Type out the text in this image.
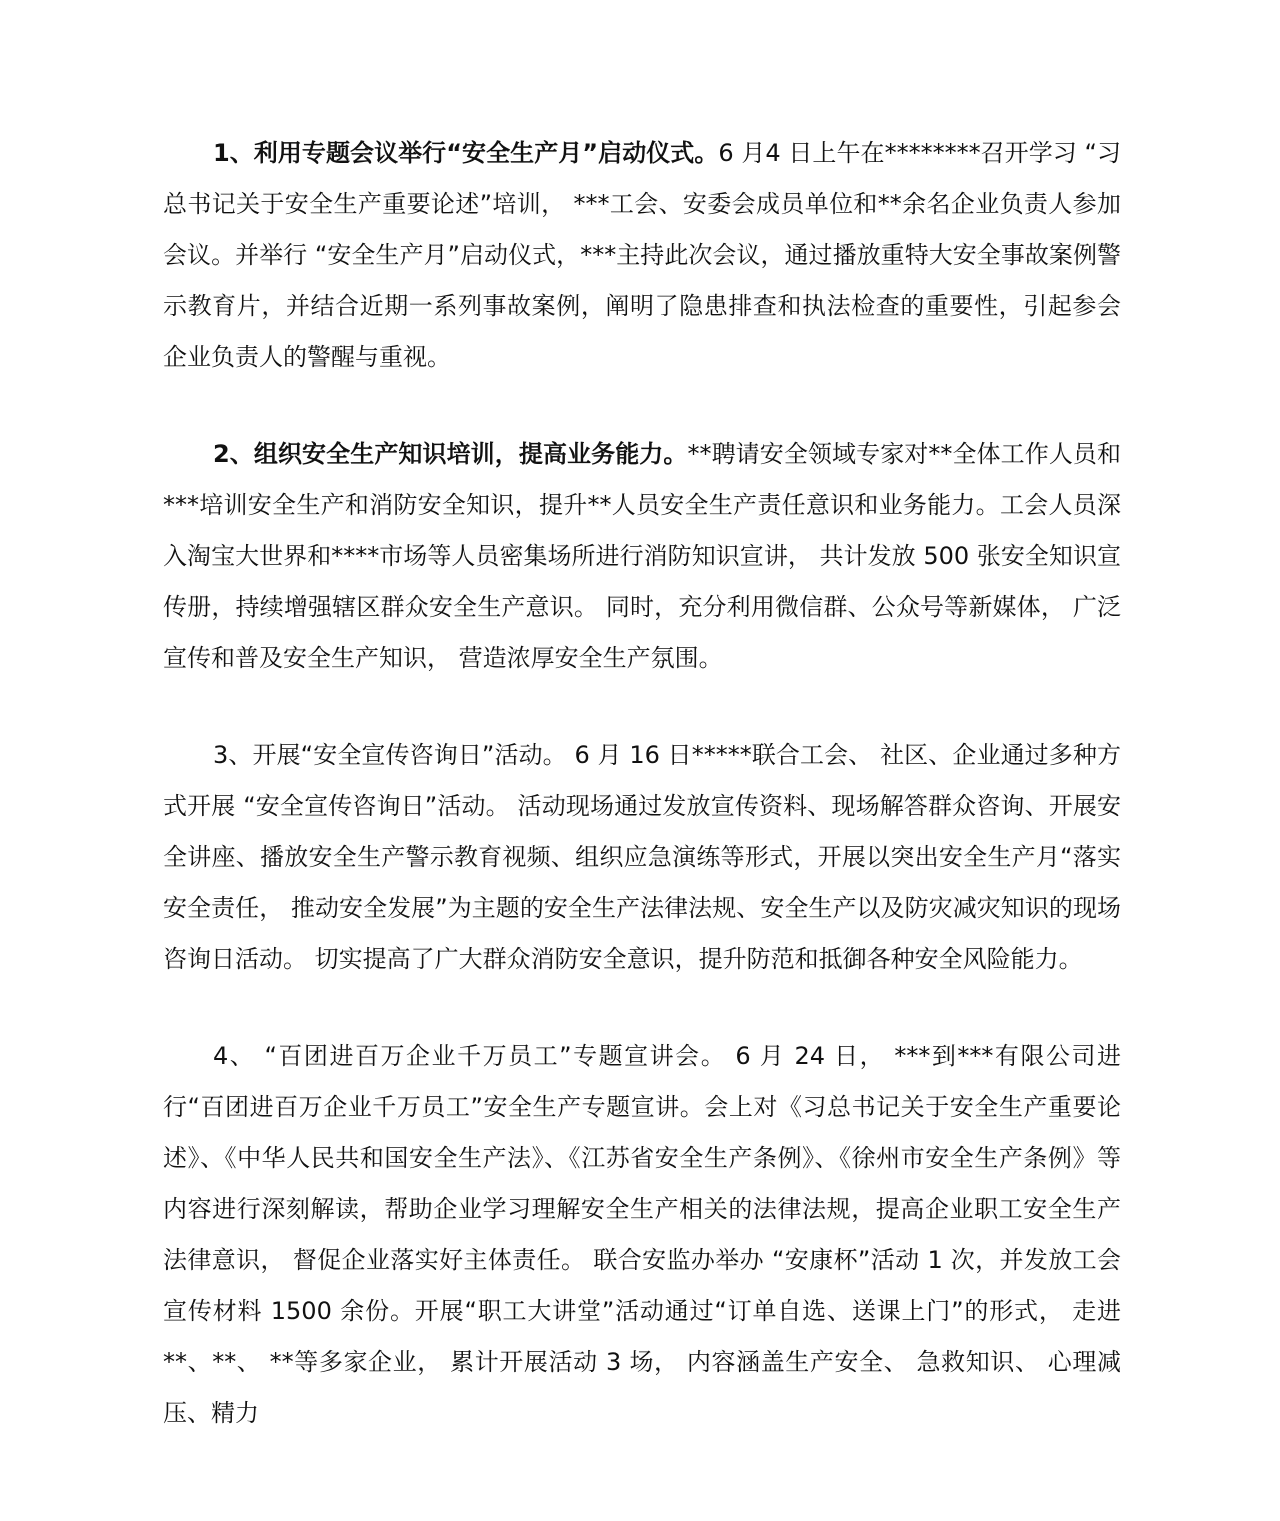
1、利用专题会议举行“安全生产月”启动仪式。6 月4 日上午在********召开学习 “习总书记关于安全生产重要论述”培训， ***工会、安委会成员单位和**余名企业负责人参加会议。并举行 “安全生产月”启动仪式，***主持此次会议，通过播放重特大安全事故案例警示教育片，并结合近期一系列事故案例，阐明了隐患排查和执法检查的重要性，引起参会企业负责人的警醒与重视。

2、组织安全生产知识培训，提高业务能力。**聘请安全领域专家对**全体工作人员和***培训安全生产和消防安全知识，提升**人员安全生产责任意识和业务能力。工会人员深入淘宝大世界和****市场等人员密集场所进行消防知识宣讲， 共计发放 500 张安全知识宣传册，持续增强辖区群众安全生产意识。 同时，充分利用微信群、公众号等新媒体， 广泛宣传和普及安全生产知识， 营造浓厚安全生产氛围。

3、开展“安全宣传咨询日”活动。 6 月 16 日*****联合工会、 社区、企业通过多种方式开展 “安全宣传咨询日”活动。 活动现场通过发放宣传资料、现场解答群众咨询、开展安全讲座、播放安全生产警示教育视频、组织应急演练等形式，开展以突出安全生产月“落实安全责任， 推动安全发展”为主题的安全生产法律法规、安全生产以及防灾减灾知识的现场咨询日活动。 切实提高了广大群众消防安全意识，提升防范和抵御各种安全风险能力。

4、 “百团进百万企业千万员工”专题宣讲会。 6 月 24 日， ***到***有限公司进行“百团进百万企业千万员工”安全生产专题宣讲。会上对《习总书记关于安全生产重要论述》、《中华人民共和国安全生产法》、《江苏省安全生产条例》、《徐州市安全生产条例》等内容进行深刻解读，帮助企业学习理解安全生产相关的法律法规，提高企业职工安全生产法律意识， 督促企业落实好主体责任。 联合安监办举办 “安康杯”活动 1 次，并发放工会宣传材料 1500 余份。开展“职工大讲堂”活动通过“订单自选、送课上门”的形式， 走进**、**、 **等多家企业， 累计开展活动 3 场， 内容涵盖生产安全、 急救知识、 心理减压、精力
